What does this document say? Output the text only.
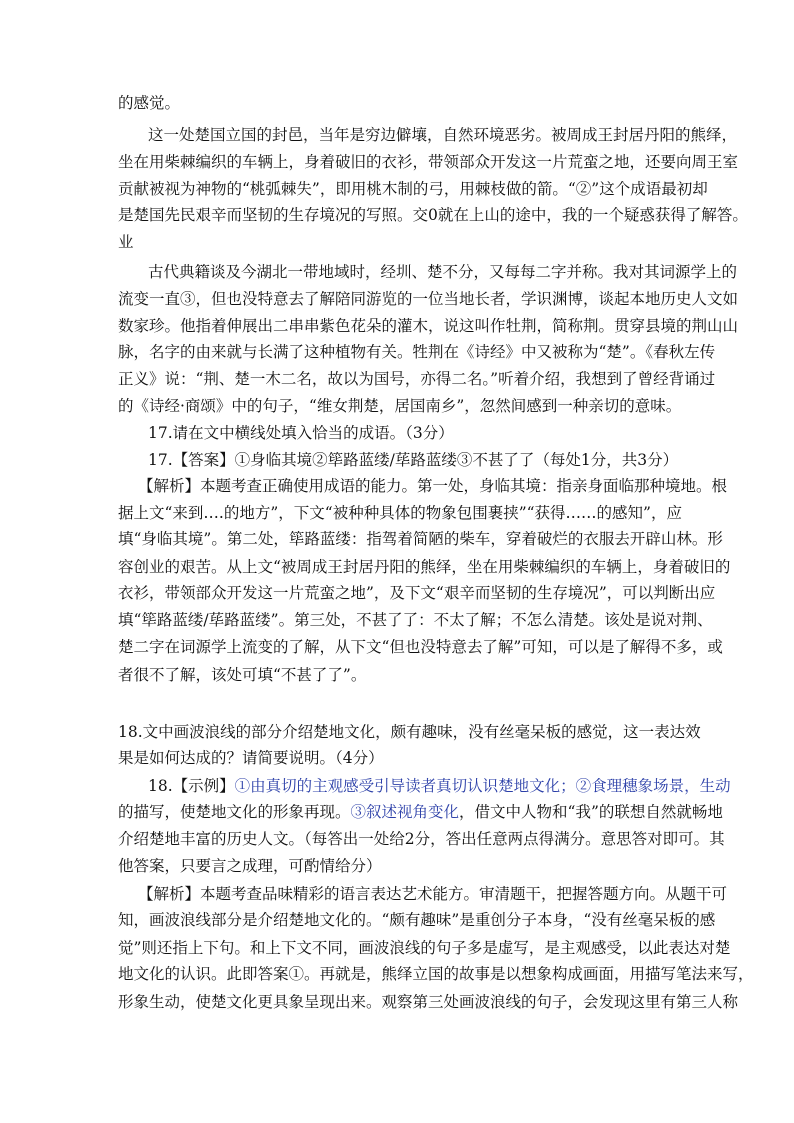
的感觉。
这一处楚国立国的封邑，当年是穷边僻壤，自然环境恶劣。被周成王封居丹阳的熊绎，
坐在用柴棘编织的车辆上，身着破旧的衣衫，带领部众开发这一片荒蛮之地，还要向周王室
贡献被视为神物的“桃弧棘失”，即用桃木制的弓，用棘枝做的箭。“②”这个成语最初却
是楚国先民艰辛而坚韧的生存境况的写照。交0就在上山的途中，我的一个疑惑获得了解答。
业
古代典籍谈及今湖北一带地域时，经圳、楚不分，又每每二字并称。我对其词源学上的
流变一直③，但也没特意去了解陪同游览的一位当地长者，学识渊博，谈起本地历史人文如
数家珍。他指着伸展出二串串紫色花朵的灌木，说这叫作牡荆，简称荆。贯穿县境的荆山山
脉，名字的由来就与长满了这种植物有关。牲荆在《诗经》中又被称为“楚”。《春秋左传
正义》说：“荆、楚一木二名，故以为国号，亦得二名。”听着介绍，我想到了曾经背诵过
的《诗经·商颂》中的句子，“维女荆楚，居国南乡”，忽然间感到一种亲切的意味。
17.请在文中横线处填入恰当的成语。（3分）
17.【答案】①身临其境②筚路蓝缕/荜路蓝缕③不甚了了（每处1分，共3分）
【解析】本题考查正确使用成语的能力。第一处，身临其境：指亲身面临那种境地。根
据上文“来到….的地方”，下文“被种种具体的物象包围裹挟”“获得……的感知”，应
填“身临其境”。第二处，筚路蓝缕：指驾着简陋的柴车，穿着破烂的衣服去开辟山林。形
容创业的艰苦。从上文“被周成王封居丹阳的熊绎，坐在用柴棘编织的车辆上，身着破旧的
衣衫，带领部众开发这一片荒蛮之地”，及下文“艰辛而坚韧的生存境况”，可以判断出应
填“筚路蓝缕/荜路蓝缕”。第三处，不甚了了：不太了解；不怎么清楚。该处是说对荆、
楚二字在词源学上流变的了解，从下文“但也没特意去了解”可知，可以是了解得不多，或
者很不了解，该处可填“不甚了了”。
18.文中画波浪线的部分介绍楚地文化，颇有趣味，没有丝毫呆板的感觉，这一表达效
果是如何达成的？请简要说明。（4分）
18.【示例】①由真切的主观感受引导读者真切认识楚地文化；②食理穗象场景，生动
的描写，使楚地文化的形象再现。③叙述视角变化，借文中人物和“我”的联想自然就畅地
介绍楚地丰富的历史人文。（每答出一处给2分，答出任意两点得满分。意思答对即可。其
他答案，只要言之成理，可酌情给分）
【解析】本题考查品味精彩的语言表达艺术能方。审清题干，把握答题方向。从题干可
知，画波浪线部分是介绍楚地文化的。“颇有趣味”是重创分子本身，“没有丝毫呆板的感
觉”则还指上下句。和上下文不同，画波浪线的句子多是虚写，是主观感受，以此表达对楚
地文化的认识。此即答案①。再就是，熊绎立国的故事是以想象构成画面，用描写笔法来写，
形象生动，使楚文化更具象呈现出来。观察第三处画波浪线的句子，会发现这里有第三人称
